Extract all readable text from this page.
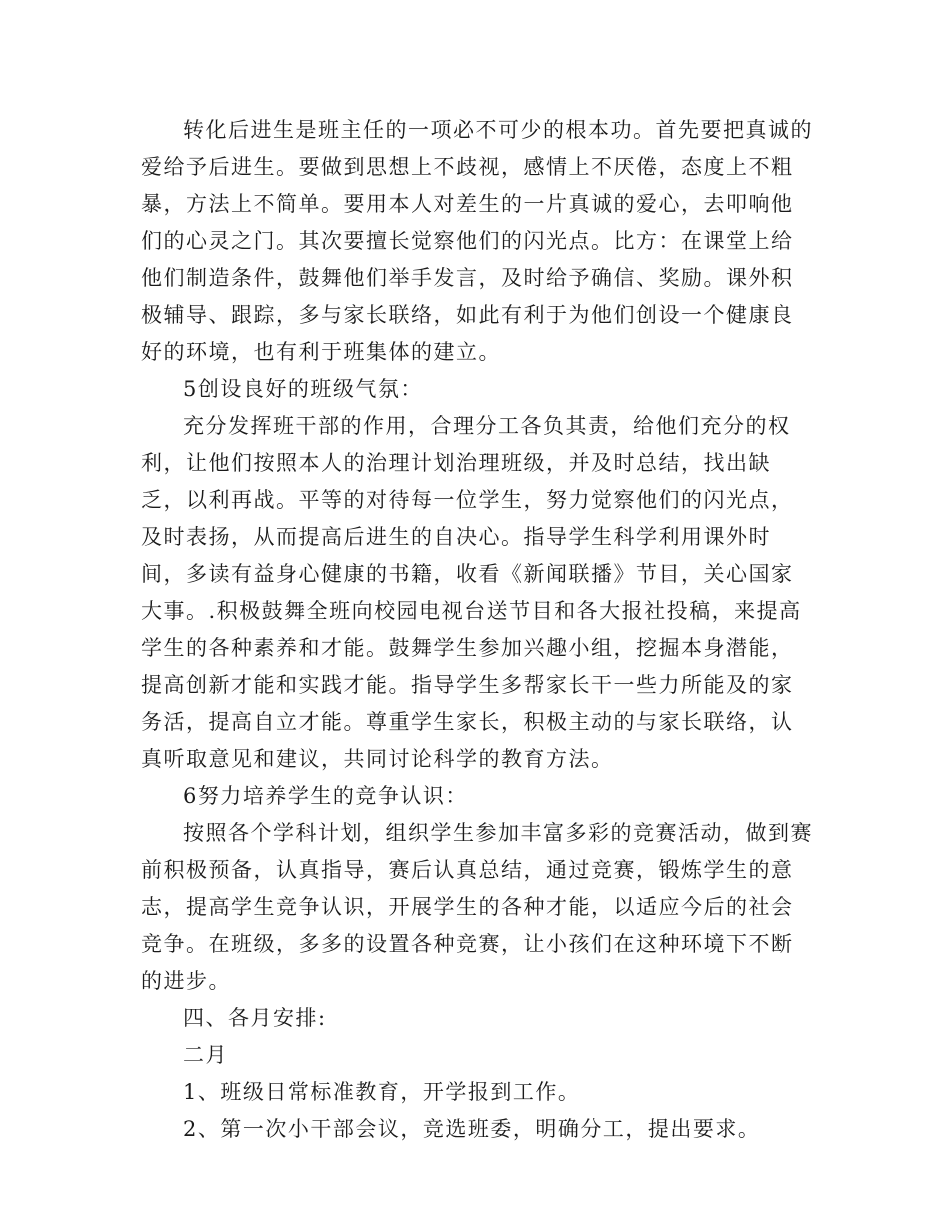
转化后进生是班主任的一项必不可少的根本功。首先要把真诚的爱给予后进生。要做到思想上不歧视，感情上不厌倦，态度上不粗暴，方法上不简单。要用本人对差生的一片真诚的爱心，去叩响他们的心灵之门。其次要擅长觉察他们的闪光点。比方：在课堂上给他们制造条件，鼓舞他们举手发言，及时给予确信、奖励。课外积极辅导、跟踪，多与家长联络，如此有利于为他们创设一个健康良好的环境，也有利于班集体的建立。

5创设良好的班级气氛：

充分发挥班干部的作用，合理分工各负其责，给他们充分的权利，让他们按照本人的治理计划治理班级，并及时总结，找出缺乏，以利再战。平等的对待每一位学生，努力觉察他们的闪光点，及时表扬，从而提高后进生的自决心。指导学生科学利用课外时间，多读有益身心健康的书籍，收看《新闻联播》节目，关心国家大事。.积极鼓舞全班向校园电视台送节目和各大报社投稿，来提高学生的各种素养和才能。鼓舞学生参加兴趣小组，挖掘本身潜能，提高创新才能和实践才能。指导学生多帮家长干一些力所能及的家务活，提高自立才能。尊重学生家长，积极主动的与家长联络，认真听取意见和建议，共同讨论科学的教育方法。

6努力培养学生的竞争认识：

按照各个学科计划，组织学生参加丰富多彩的竞赛活动，做到赛前积极预备，认真指导，赛后认真总结，通过竞赛，锻炼学生的意志，提高学生竞争认识，开展学生的各种才能，以适应今后的社会竞争。在班级，多多的设置各种竞赛，让小孩们在这种环境下不断的进步。

四、各月安排:

二月

1、班级日常标准教育，开学报到工作。

2、第一次小干部会议，竞选班委，明确分工，提出要求。
